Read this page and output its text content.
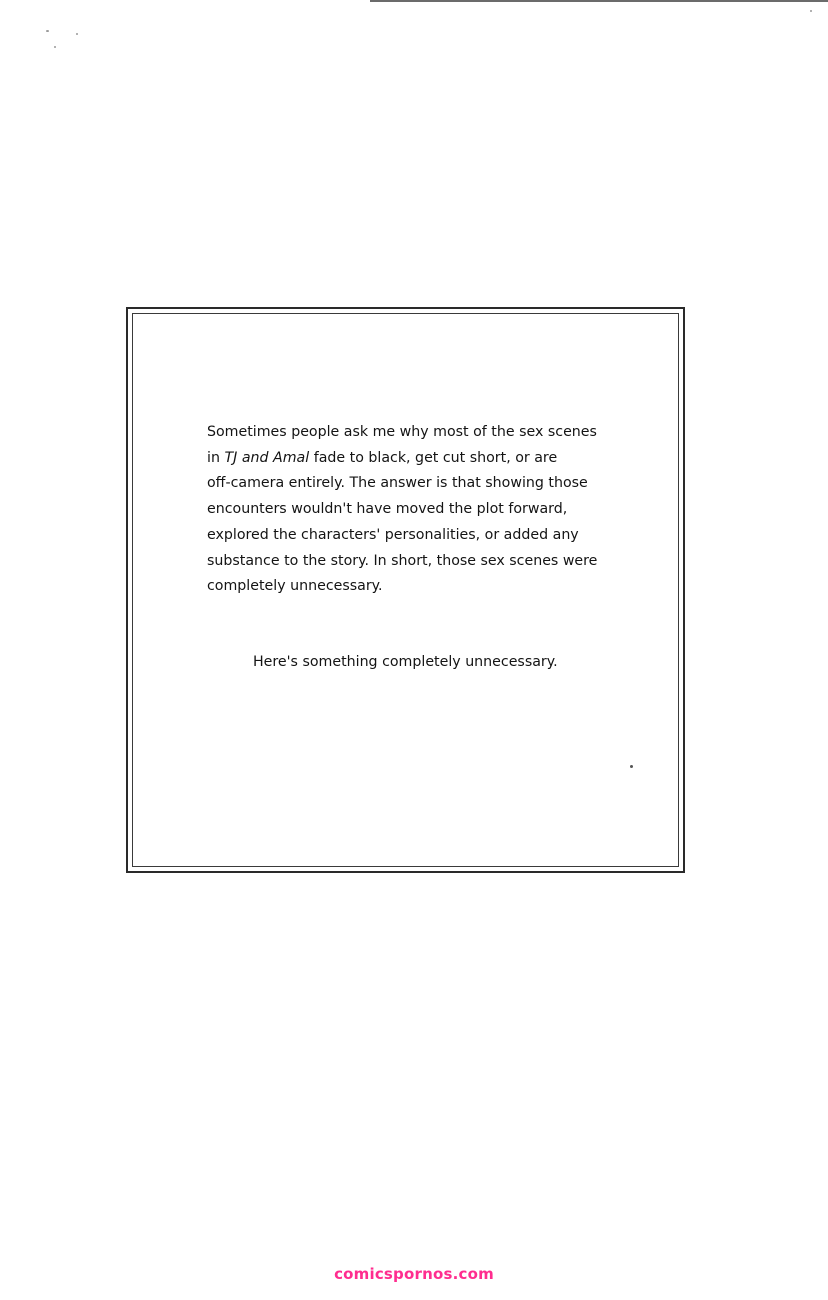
Sometimes people ask me why most of the sex scenes
in TJ and Amal fade to black, get cut short, or are
off-camera entirely. The answer is that showing those
encounters wouldn't have moved the plot forward,
explored the characters' personalities, or added any
substance to the story. In short, those sex scenes were
completely unnecessary.

Here's something completely unnecessary.

comicspornos.com
